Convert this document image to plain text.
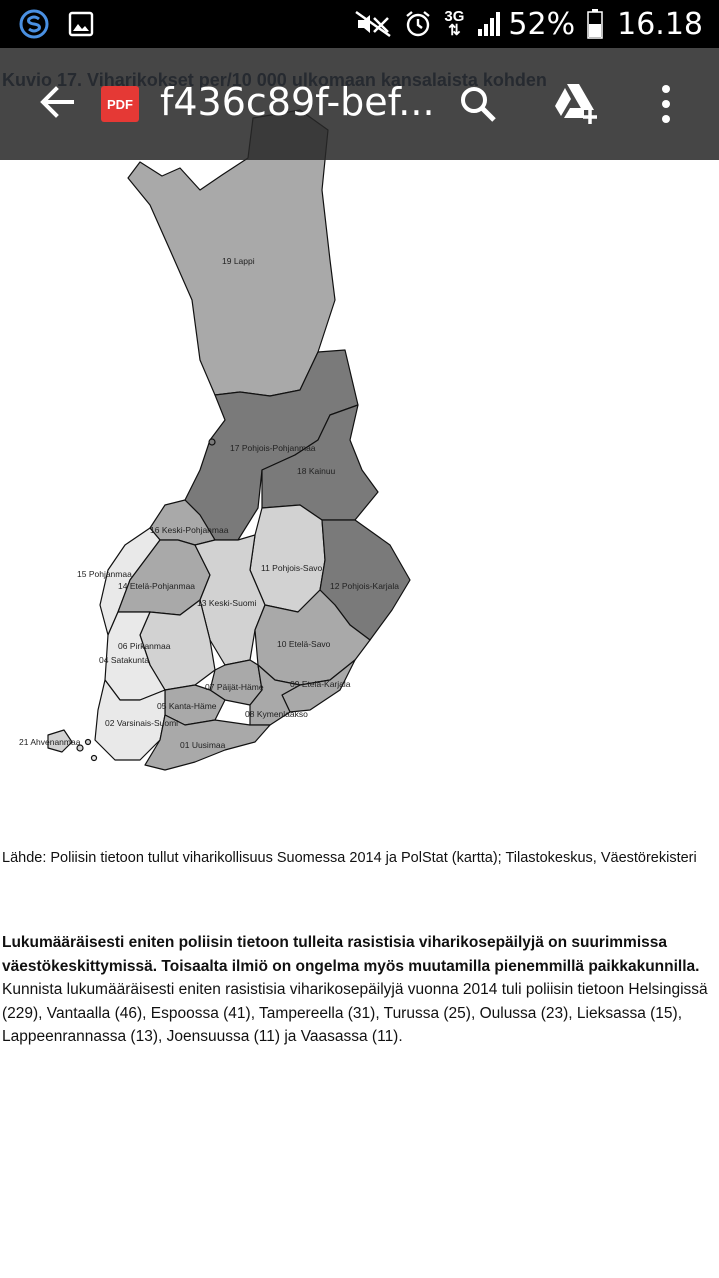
3G
⇅ 52% 16.18
PDF f436c89f-bef...
19 Lappi
17 Pohjois-Pohjanmaa
18 Kainuu
16 Keski-Pohjanmaa
15 Pohjanmaa
14 Etelä-Pohjanmaa
11 Pohjois-Savo
12 Pohjois-Karjala
13 Keski-Suomi
06 Pirkanmaa
04 Satakunta
10 Etelä-Savo
07 Päijät-Häme	09 Etelä-Karjala
05 Kanta-Häme
08 Kymenlaakso
02 Varsinais-Suomi
21 Ahvenanmaa	01 Uusimaa
Lähde: Poliisin tietoon tullut viharikollisuus Suomessa 2014 ja PolStat (kartta); Tilastokeskus, Väestörekisteri
Lukumääräisesti eniten poliisin tietoon tulleita rasistisia viharikosepäilyjä on suurimmissa väestökeskittymissä. Toisaalta ilmiö on ongelma myös muutamilla pienemmillä paikkakunnilla. Kunnista lukumääräisesti eniten rasistisia viharikosepäilyjä vuonna 2014 tuli poliisin tietoon Helsingissä (229), Vantaalla (46), Espoossa (41), Tampereella (31), Turussa (25), Oulussa (23), Lieksassa (15), Lappeenrannassa (13), Joensuussa (11) ja Vaasassa (11).
